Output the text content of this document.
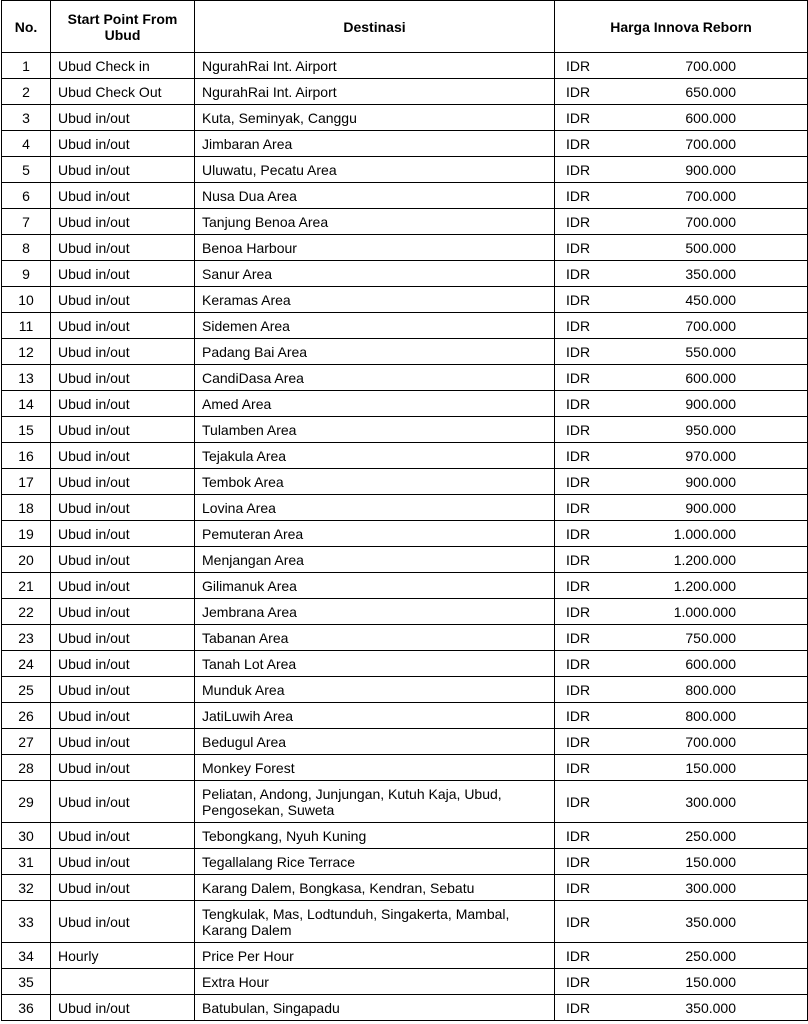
No.	Start Point From Ubud	Destinasi	Harga Innova Reborn
1	Ubud Check in	NgurahRai Int. Airport	IDR 700.000
2	Ubud Check Out	NgurahRai Int. Airport	IDR 650.000
3	Ubud in/out	Kuta, Seminyak, Canggu	IDR 600.000
4	Ubud in/out	Jimbaran Area	IDR 700.000
5	Ubud in/out	Uluwatu, Pecatu Area	IDR 900.000
6	Ubud in/out	Nusa Dua Area	IDR 700.000
7	Ubud in/out	Tanjung Benoa Area	IDR 700.000
8	Ubud in/out	Benoa Harbour	IDR 500.000
9	Ubud in/out	Sanur Area	IDR 350.000
10	Ubud in/out	Keramas Area	IDR 450.000
11	Ubud in/out	Sidemen Area	IDR 700.000
12	Ubud in/out	Padang Bai Area	IDR 550.000
13	Ubud in/out	CandiDasa Area	IDR 600.000
14	Ubud in/out	Amed Area	IDR 900.000
15	Ubud in/out	Tulamben Area	IDR 950.000
16	Ubud in/out	Tejakula Area	IDR 970.000
17	Ubud in/out	Tembok Area	IDR 900.000
18	Ubud in/out	Lovina Area	IDR 900.000
19	Ubud in/out	Pemuteran Area	IDR 1.000.000
20	Ubud in/out	Menjangan Area	IDR 1.200.000
21	Ubud in/out	Gilimanuk Area	IDR 1.200.000
22	Ubud in/out	Jembrana Area	IDR 1.000.000
23	Ubud in/out	Tabanan Area	IDR 750.000
24	Ubud in/out	Tanah Lot Area	IDR 600.000
25	Ubud in/out	Munduk Area	IDR 800.000
26	Ubud in/out	JatiLuwih Area	IDR 800.000
27	Ubud in/out	Bedugul Area	IDR 700.000
28	Ubud in/out	Monkey Forest	IDR 150.000
29	Ubud in/out	Peliatan, Andong, Junjungan, Kutuh Kaja, Ubud, Pengosekan, Suweta	IDR 300.000
30	Ubud in/out	Tebongkang, Nyuh Kuning	IDR 250.000
31	Ubud in/out	Tegallalang Rice Terrace	IDR 150.000
32	Ubud in/out	Karang Dalem, Bongkasa, Kendran, Sebatu	IDR 300.000
33	Ubud in/out	Tengkulak, Mas, Lodtunduh, Singakerta, Mambal, Karang Dalem	IDR 350.000
34	Hourly	Price Per Hour	IDR 250.000
35		Extra Hour	IDR 150.000
36	Ubud in/out	Batubulan, Singapadu	IDR 350.000
